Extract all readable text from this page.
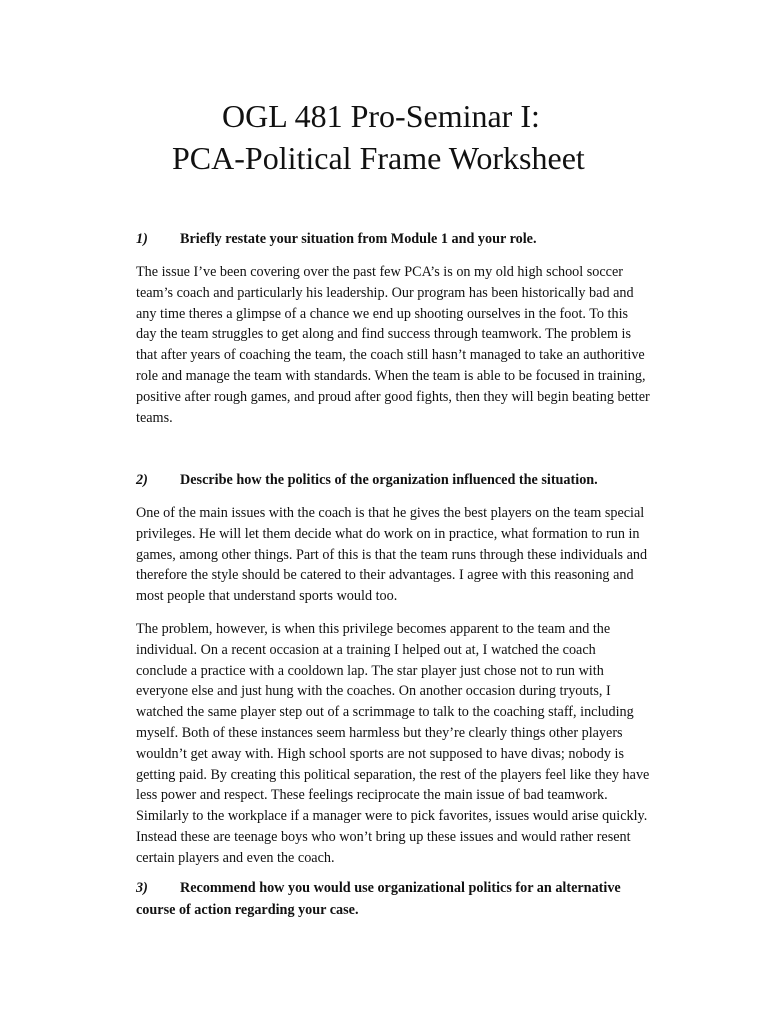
OGL 481 Pro-Seminar I:
PCA-Political Frame Worksheet

1) Briefly restate your situation from Module 1 and your role.

The issue I’ve been covering over the past few PCA’s is on my old high school soccer team’s coach and particularly his leadership. Our program has been historically bad and any time theres a glimpse of a chance we end up shooting ourselves in the foot. To this day the team struggles to get along and find success through teamwork. The problem is that after years of coaching the team, the coach still hasn’t managed to take an authoritive role and manage the team with standards. When the team is able to be focused in training, positive after rough games, and proud after good fights, then they will begin beating better teams.

2) Describe how the politics of the organization influenced the situation.

One of the main issues with the coach is that he gives the best players on the team special privileges. He will let them decide what do work on in practice, what formation to run in games, among other things. Part of this is that the team runs through these individuals and therefore the style should be catered to their advantages. I agree with this reasoning and most people that understand sports would too.

The problem, however, is when this privilege becomes apparent to the team and the individual. On a recent occasion at a training I helped out at, I watched the coach conclude a practice with a cooldown lap. The star player just chose not to run with everyone else and just hung with the coaches. On another occasion during tryouts, I watched the same player step out of a scrimmage to talk to the coaching staff, including myself. Both of these instances seem harmless but they’re clearly things other players wouldn’t get away with. High school sports are not supposed to have divas; nobody is getting paid. By creating this political separation, the rest of the players feel like they have less power and respect. These feelings reciprocate the main issue of bad teamwork. Similarly to the workplace if a manager were to pick favorites, issues would arise quickly. Instead these are teenage boys who won’t bring up these issues and would rather resent certain players and even the coach.

3) Recommend how you would use organizational politics for an alternative course of action regarding your case.
